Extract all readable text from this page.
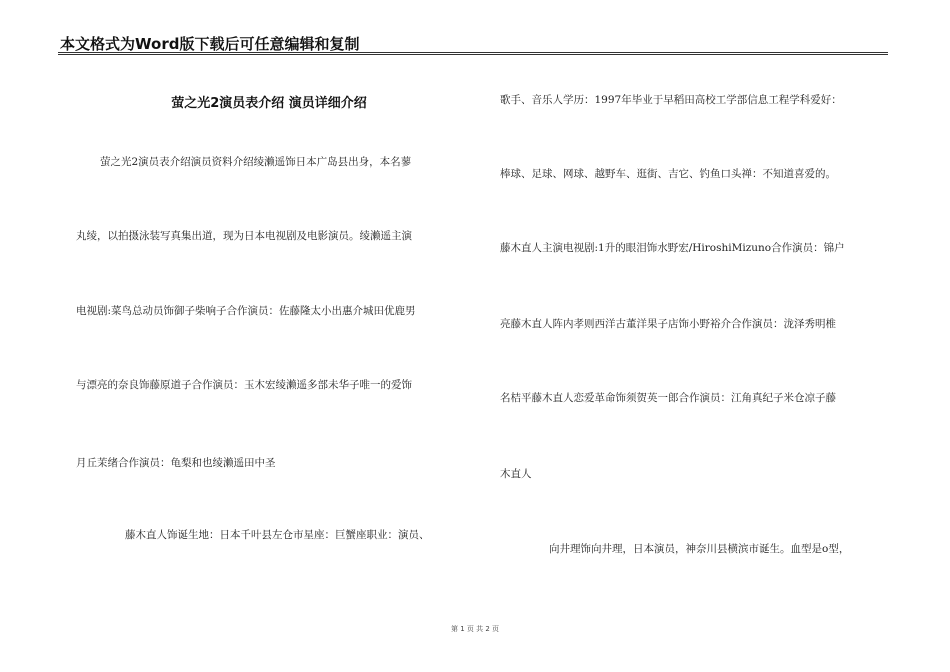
本文格式为Word版下载后可任意编辑和复制
萤之光2演员表介绍 演员详细介绍
萤之光2演员表介绍演员资料介绍绫濑遥饰日本广岛县出身，本名蓼
丸绫，以拍摄泳装写真集出道，现为日本电视剧及电影演员。绫濑遥主演
电视剧:菜鸟总动员饰御子柴响子合作演员：佐藤隆太小出惠介城田优鹿男
与漂亮的奈良饰藤原道子合作演员：玉木宏绫濑遥多部未华子唯一的爱饰
月丘茉绪合作演员：龟梨和也绫濑遥田中圣
藤木直人饰诞生地：日本千叶县左仓市星座：巨蟹座职业：演员、
歌手、音乐人学历：1997年毕业于早稻田高校工学部信息工程学科爱好：
棒球、足球、网球、越野车、逛街、吉它、钓鱼口头禅：不知道喜爱的。
藤木直人主演电视剧:1升的眼泪饰水野宏/HiroshiMizuno合作演员：锦户
亮藤木直人阵内孝则西洋古董洋果子店饰小野裕介合作演员：泷泽秀明椎
名桔平藤木直人恋爱革命饰须贺英一郎合作演员：江角真纪子米仓凉子藤
木直人
向井理饰向井理，日本演员，神奈川县横滨市诞生。血型是o型，
第 1 页 共 2 页
